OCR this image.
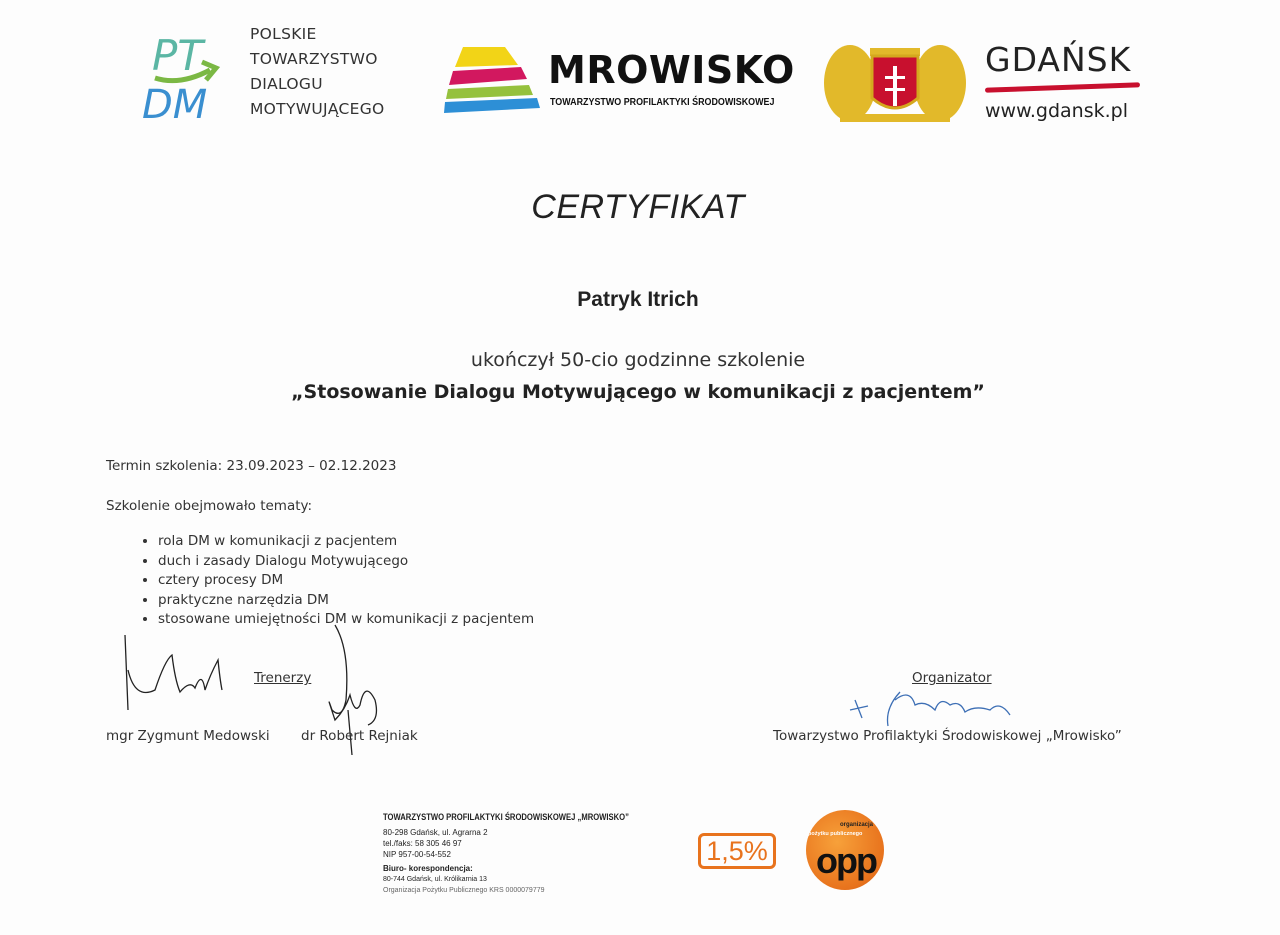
PT
DM
POLSKIE
TOWARZYSTWO
DIALOGU
MOTYWUJĄCEGO
MROWISKO
TOWARZYSTWO PROFILAKTYKI ŚRODOWISKOWEJ
GDAŃSK
www.gdansk.pl
CERTYFIKAT
Patryk Itrich
ukończył 50-cio godzinne szkolenie
„Stosowanie Dialogu Motywującego w komunikacji z pacjentem”
Termin szkolenia: 23.09.2023 – 02.12.2023
Szkolenie obejmowało tematy:
• rola DM w komunikacji z pacjentem
• duch i zasady Dialogu Motywującego
• cztery procesy DM
• praktyczne narzędzia DM
• stosowane umiejętności DM w komunikacji z pacjentem
Trenerzy
mgr Zygmunt Medowski dr Robert Rejniak
Organizator
Towarzystwo Profilaktyki Środowiskowej „Mrowisko”
TOWARZYSTWO PROFILAKTYKI ŚRODOWISKOWEJ „MROWISKO”
80-298 Gdańsk, ul. Agrarna 2
tel./faks: 58 305 46 97
NIP 957-00-54-552
Biuro- korespondencja:
80-744 Gdańsk, ul. Królikarnia 13
Organizacja Pożytku Publicznego KRS 0000079779
1,5%
organizacja
pożytku publicznego
opp
